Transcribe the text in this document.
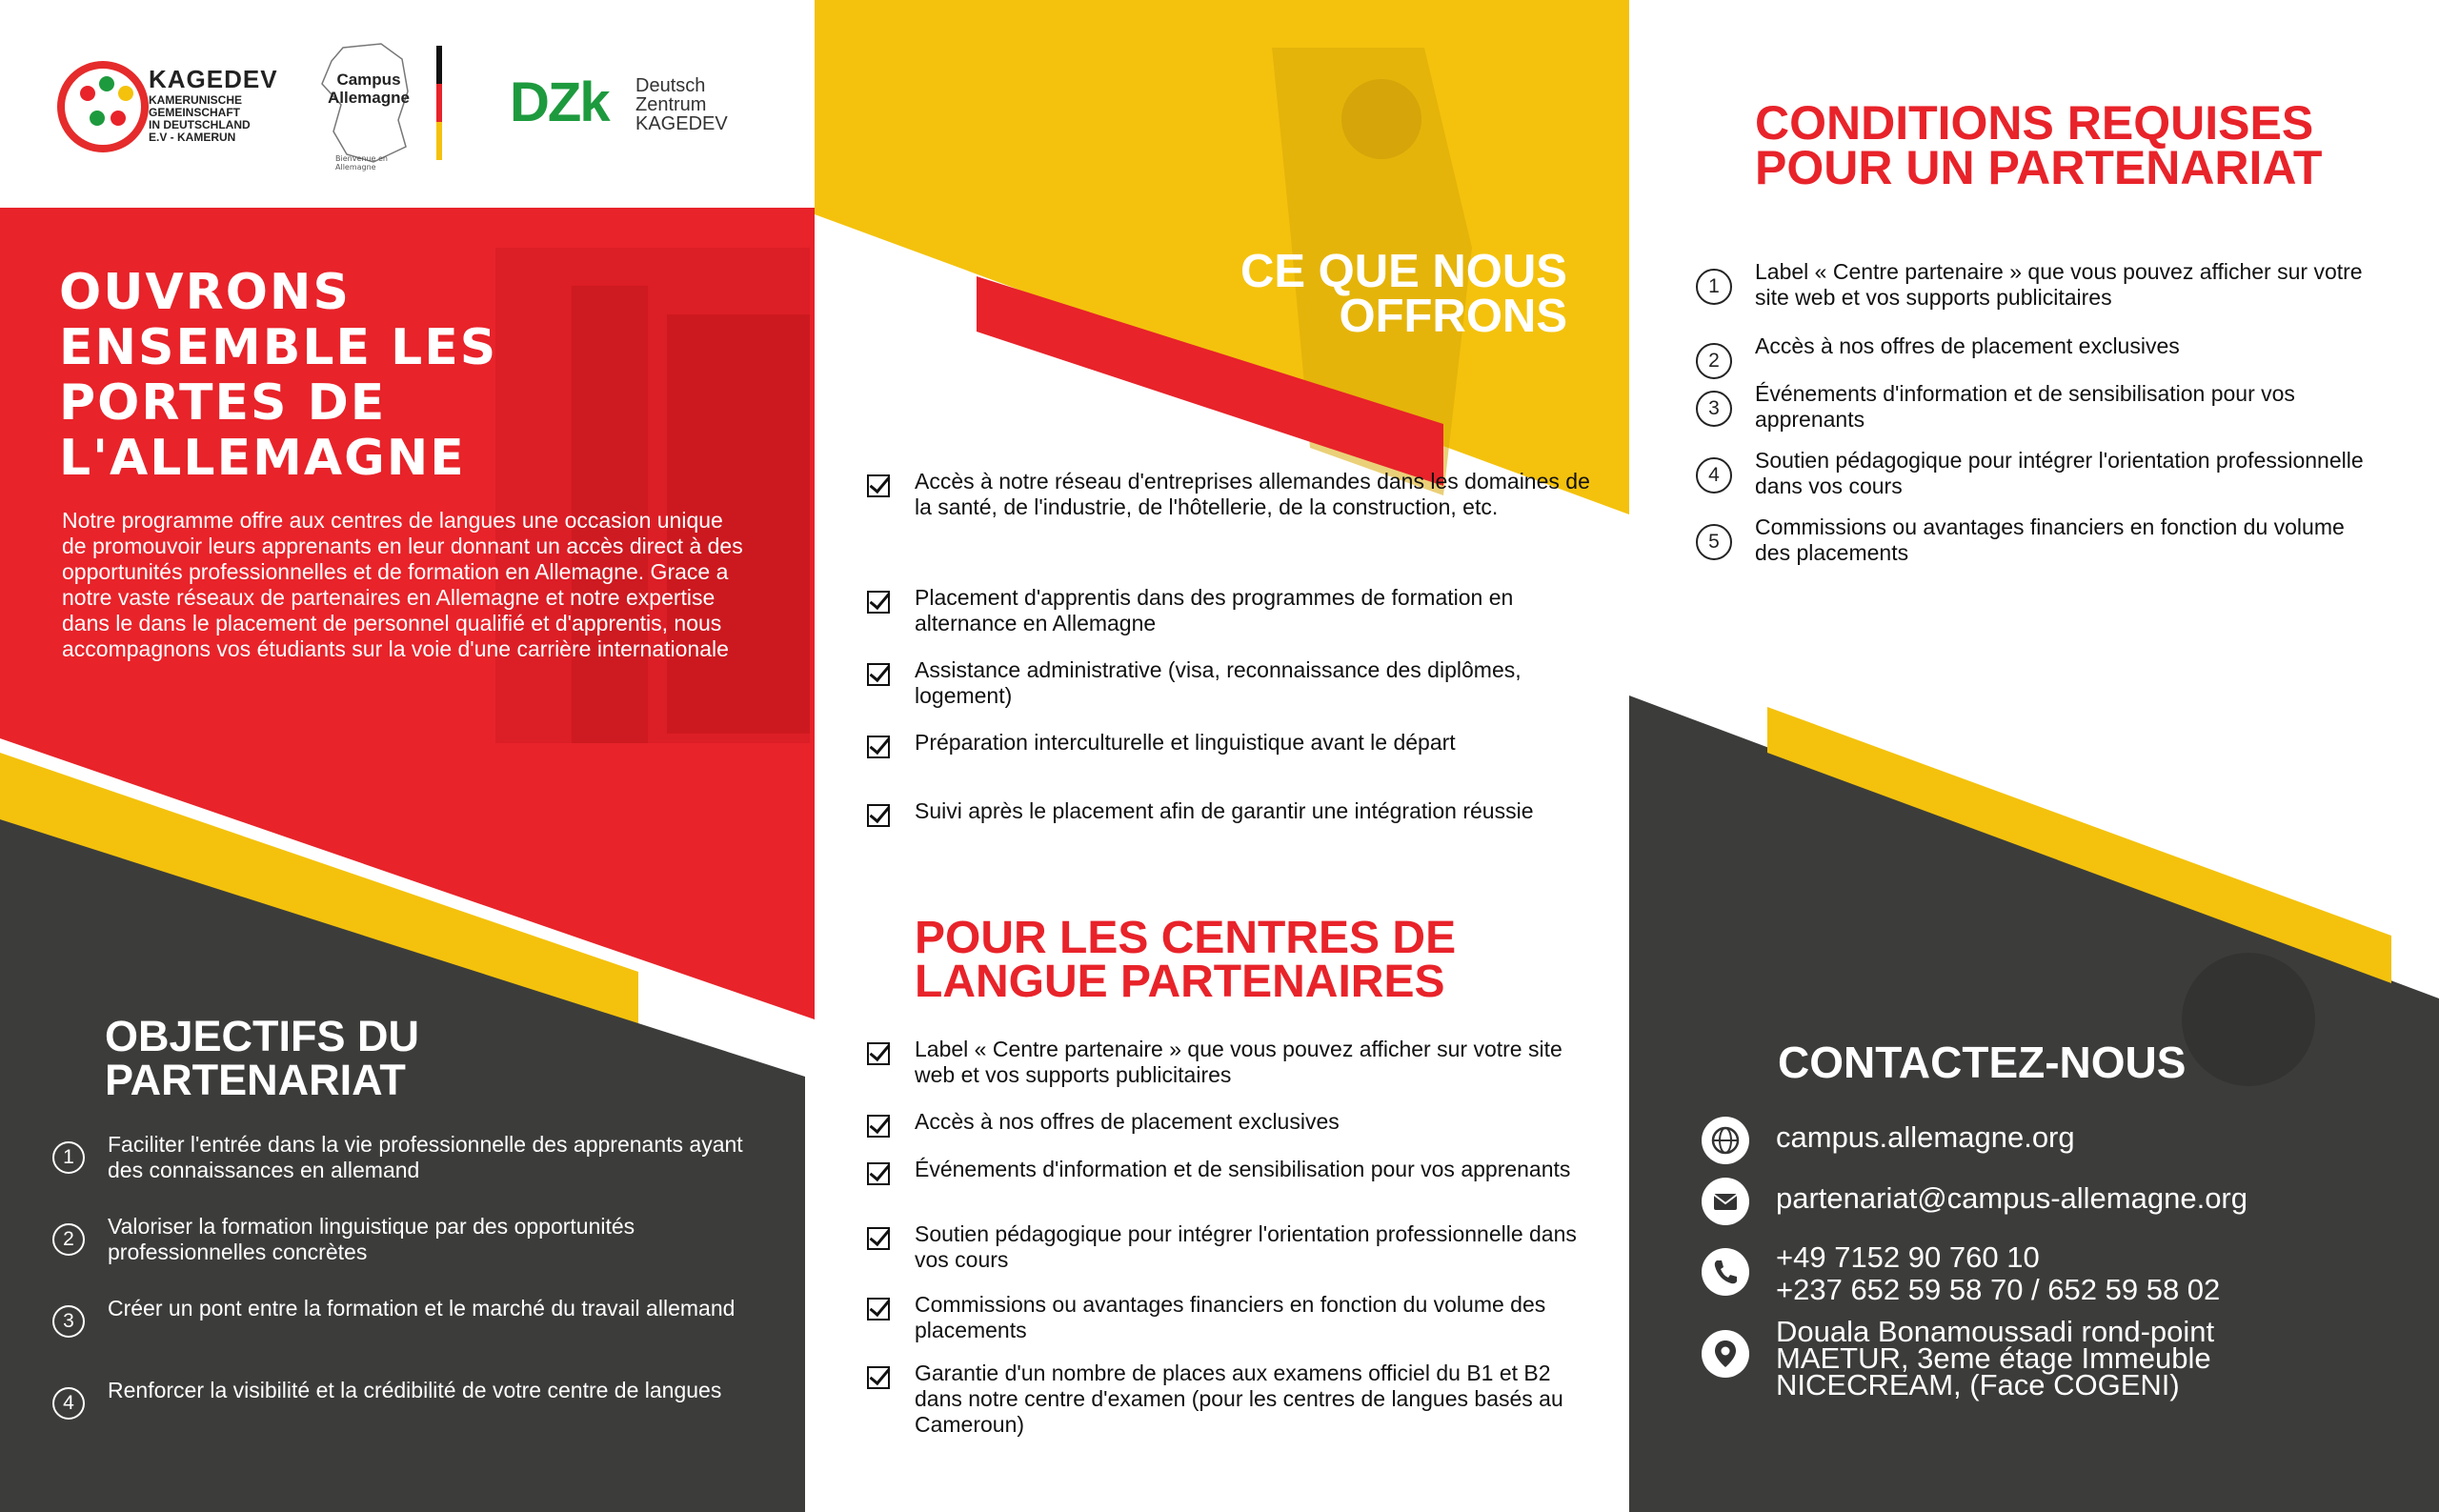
KAGEDEV
KAMERUNISCHE
GEMEINSCHAFT
IN DEUTSCHLAND
E.V - KAMERUN
Campus Allemagne
Bienvenue en Allemagne
DZk Deutsch
Zentrum
KAGEDEV
OUVRONS ENSEMBLE LES PORTES DE L'ALLEMAGNE
Notre programme offre aux centres de langues une occasion unique de promouvoir leurs apprenants en leur donnant un accès direct à des opportunités professionnelles et de formation en Allemagne. Grace a notre vaste réseaux de partenaires en Allemagne et notre expertise dans le dans le placement de personnel qualifié et d'apprentis, nous accompagnons vos étudiants sur la voie d'une carrière internationale
OBJECTIFS DU PARTENARIAT
1
Faciliter l'entrée dans la vie professionnelle des apprenants ayant des connaissances en allemand
2
Valoriser la formation linguistique par des opportunités professionnelles concrètes
3
Créer un pont entre la formation et le marché du travail allemand
4
Renforcer la visibilité et la crédibilité de votre centre de langues
CE QUE NOUS OFFRONS
Accès à notre réseau d'entreprises allemandes dans les domaines de la santé, de l'industrie, de l'hôtellerie, de la construction, etc.
Placement d'apprentis dans des programmes de formation en alternance en Allemagne
Assistance administrative (visa, reconnaissance des diplômes, logement)
Préparation interculturelle et linguistique avant le départ
Suivi après le placement afin de garantir une intégration réussie
POUR LES CENTRES DE LANGUE PARTENAIRES
Label « Centre partenaire » que vous pouvez afficher sur votre site web et vos supports publicitaires
Accès à nos offres de placement exclusives
Événements d'information et de sensibilisation pour vos apprenants
Soutien pédagogique pour intégrer l'orientation professionnelle dans vos cours
Commissions ou avantages financiers en fonction du volume des placements
Garantie d'un nombre de places aux examens officiel du B1 et B2 dans notre centre d'examen (pour les centres de langues basés au Cameroun)
CONDITIONS REQUISES POUR UN PARTENARIAT
1
Label « Centre partenaire » que vous pouvez afficher sur votre site web et vos supports publicitaires
2
Accès à nos offres de placement exclusives
3
Événements d'information et de sensibilisation pour vos apprenants
4
Soutien pédagogique pour intégrer l'orientation professionnelle dans vos cours
5
Commissions ou avantages financiers en fonction du volume des placements
CONTACTEZ-NOUS
campus.allemagne.org
partenariat@campus-allemagne.org
+49 7152 90 760 10
+237 652 59 58 70 / 652 59 58 02
Douala Bonamoussadi rond-point
MAETUR, 3eme étage Immeuble
NICECREAM, (Face COGENI)
